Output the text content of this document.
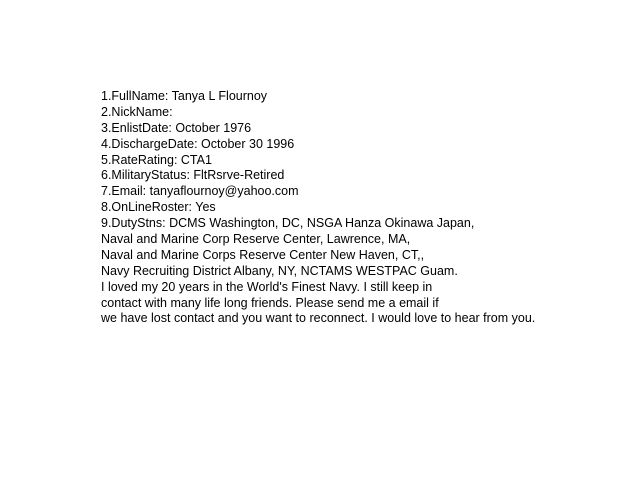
1.FullName: Tanya L Flournoy
2.NickName:
3.EnlistDate: October 1976
4.DischargeDate: October 30 1996
5.RateRating: CTA1
6.MilitaryStatus: FltRsrve-Retired
7.Email: tanyaflournoy@yahoo.com
8.OnLineRoster: Yes
9.DutyStns: DCMS Washington, DC, NSGA Hanza Okinawa Japan,
Naval and Marine Corp Reserve Center, Lawrence, MA,
Naval and Marine Corps Reserve Center New Haven, CT,,
Navy Recruiting District Albany, NY, NCTAMS WESTPAC Guam.
I loved my 20 years in the World's Finest Navy. I still keep in
contact with many life long friends. Please send me a email if
we have lost contact and you want to reconnect. I would love to hear from you.
